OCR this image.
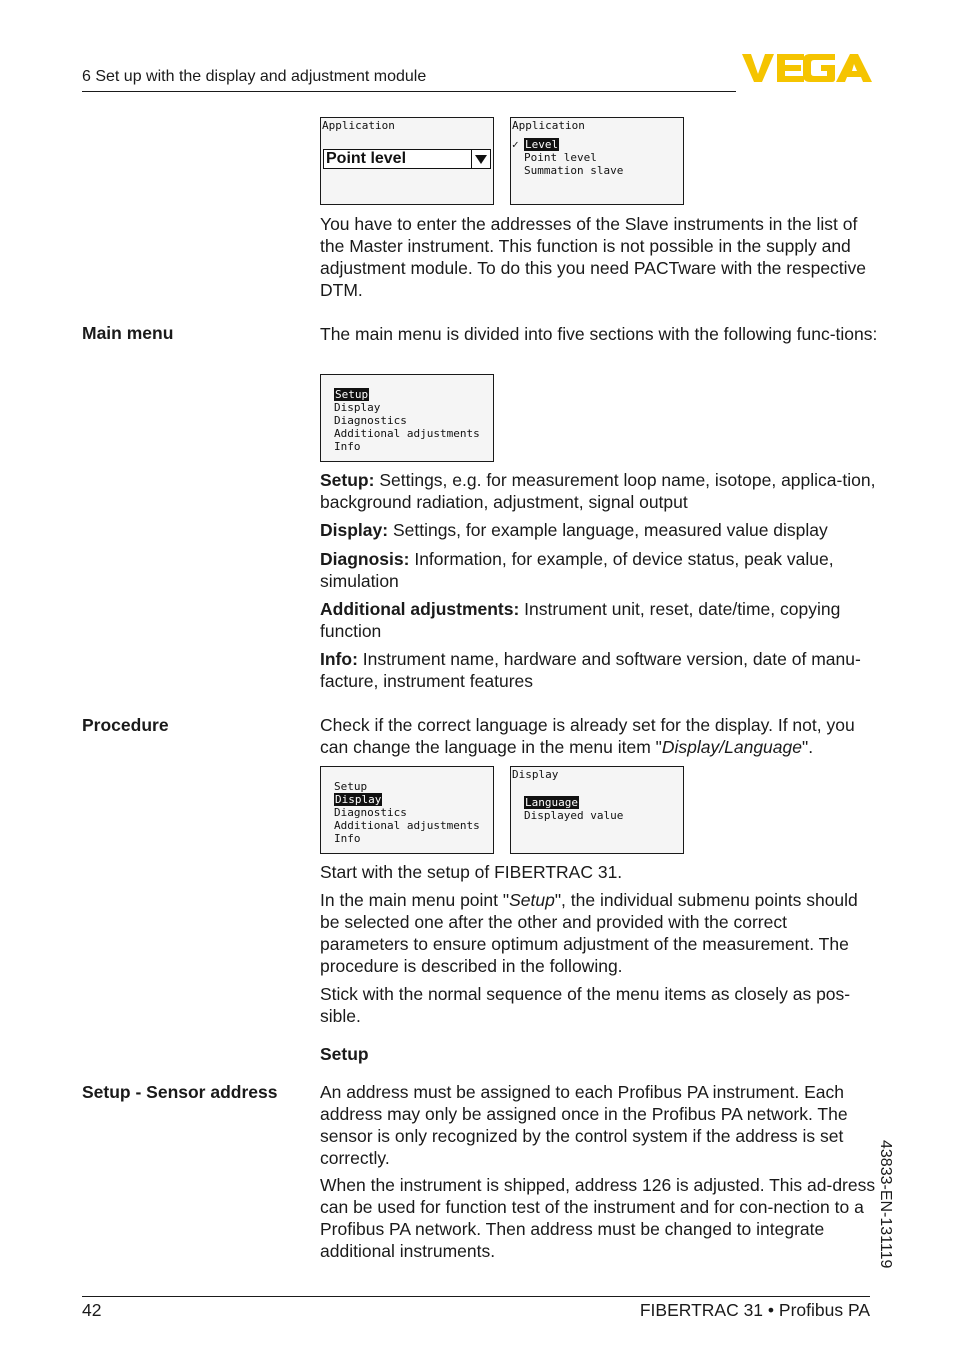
6 Set up with the display and adjustment module
Application
Point level
Application
✓ Level
Point level
Summation slave
You have to enter the addresses of the Slave instruments in the list of the Master instrument. This function is not possible in the supply and adjustment module. To do this you need PACTware with the respective DTM.
Main menu	The main menu is divided into five sections with the following func-tions:
Setup
Display
Diagnostics
Additional adjustments
Info
Setup: Settings, e.g. for measurement loop name, isotope, applica-tion, background radiation, adjustment, signal output
Display: Settings, for example language, measured value display
Diagnosis: Information, for example, of device status, peak value, simulation
Additional adjustments: Instrument unit, reset, date/time, copying function
Info: Instrument name, hardware and software version, date of manu-facture, instrument features
Procedure	Check if the correct language is already set for the display. If not, you can change the language in the menu item "Display/Language".
Setup
Display
Diagnostics
Additional adjustments
Info
Display
Language
Displayed value
Start with the setup of FIBERTRAC 31.
In the main menu point "Setup", the individual submenu points should be selected one after the other and provided with the correct parameters to ensure optimum adjustment of the measurement. The procedure is described in the following.
Stick with the normal sequence of the menu items as closely as pos-sible.
Setup
Setup - Sensor address An address must be assigned to each Profibus PA instrument. Each address may only be assigned once in the Profibus PA network. The sensor is only recognized by the control system if the address is set correctly.
When the instrument is shipped, address 126 is adjusted. This ad-dress can be used for function test of the instrument and for con-nection to a Profibus PA network. Then address must be changed to integrate additional instruments.	43833-EN-131119
42	FIBERTRAC 31 • Profibus PA
